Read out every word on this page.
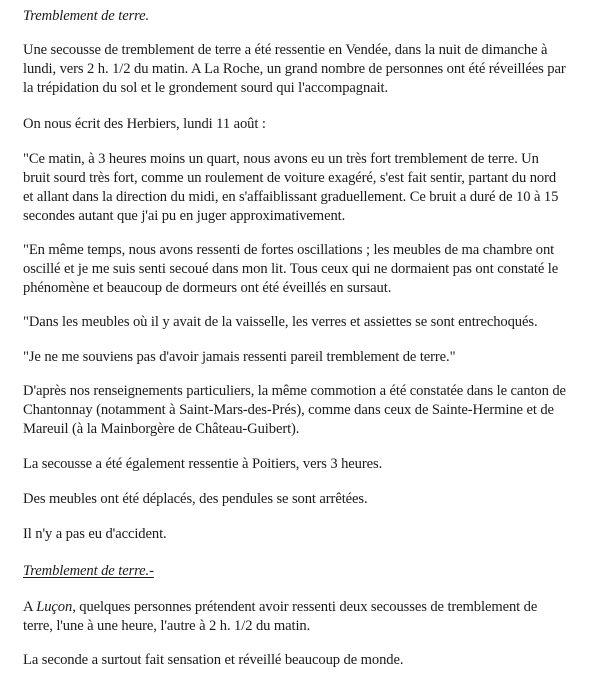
Tremblement de terre.
Une secousse de tremblement de terre a été ressentie en Vendée, dans la nuit de dimanche à
lundi, vers 2 h. 1/2 du matin. A La Roche, un grand nombre de personnes ont été réveillées par
la trépidation du sol et le grondement sourd qui l'accompagnait.
On nous écrit des Herbiers, lundi 11 août :
"Ce matin, à 3 heures moins un quart, nous avons eu un très fort tremblement de terre. Un
bruit sourd très fort, comme un roulement de voiture exagéré, s'est fait sentir, partant du nord
et allant dans la direction du midi, en s'affaiblissant graduellement. Ce bruit a duré de 10 à 15
secondes autant que j'ai pu en juger approximativement.
"En même temps, nous avons ressenti de fortes oscillations ; les meubles de ma chambre ont
oscillé et je me suis senti secoué dans mon lit. Tous ceux qui ne dormaient pas ont constaté le
phénomène et beaucoup de dormeurs ont été éveillés en sursaut.
"Dans les meubles où il y avait de la vaisselle, les verres et assiettes se sont entrechoqués.
"Je ne me souviens pas d'avoir jamais ressenti pareil tremblement de terre."
D'après nos renseignements particuliers, la même commotion a été constatée dans le canton de
Chantonnay (notamment à Saint-Mars-des-Prés), comme dans ceux de Sainte-Hermine et de
Mareuil (à la Mainborgère de Château-Guibert).
La secousse a été également ressentie à Poitiers, vers 3 heures.
Des meubles ont été déplacés, des pendules se sont arrêtées.
Il n'y a pas eu d'accident.
Tremblement de terre.-
A Luçon, quelques personnes prétendent avoir ressenti deux secousses de tremblement de
terre, l'une à une heure, l'autre à 2 h. 1/2 du matin.
La seconde a surtout fait sensation et réveillé beaucoup de monde.
